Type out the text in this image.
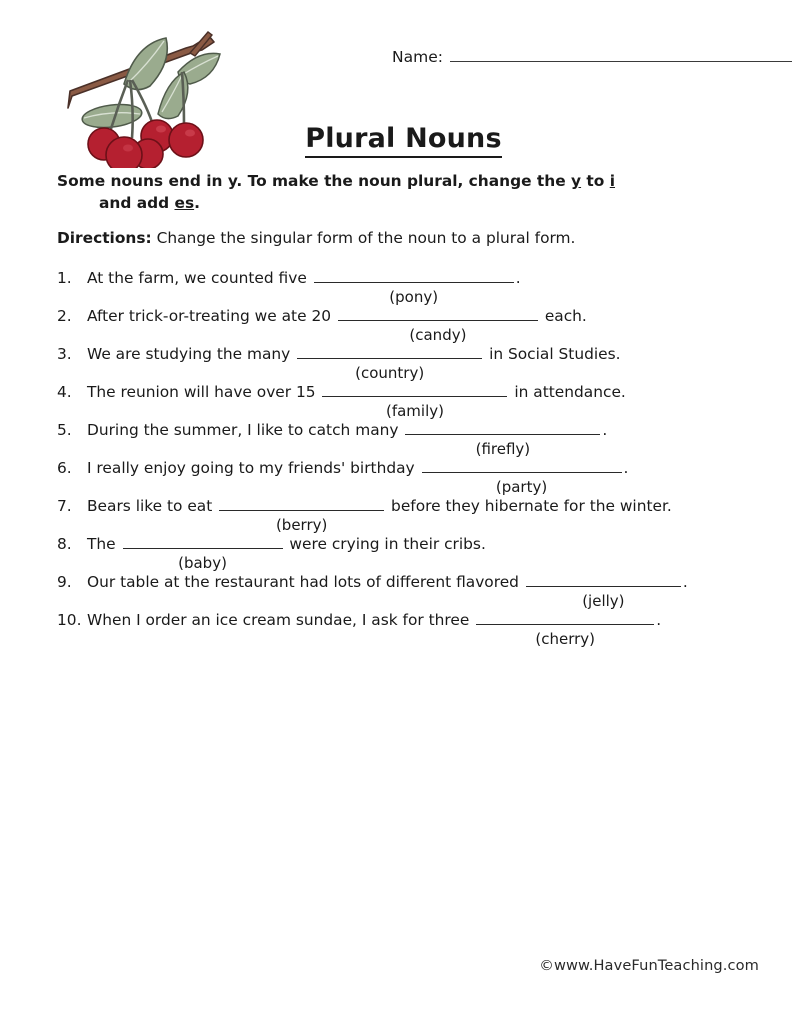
Name:
Plural Nouns
Some nouns end in y. To make the noun plural, change the y to i
and add es.
Directions: Change the singular form of the noun to a plural form.
1. At the farm, we counted five
(pony)
.
2. After trick-or-treating we ate 20
(candy)
each.
3. We are studying the many
(country)
in Social Studies.
4. The reunion will have over 15
(family)
in attendance.
5. During the summer, I like to catch many
(firefly)
.
6. I really enjoy going to my friends' birthday
(party)
.
7. Bears like to eat
(berry)
before they hibernate for the winter.
8. The
(baby)
were crying in their cribs.
9. Our table at the restaurant had lots of different flavored
(jelly)
.
10. When I order an ice cream sundae, I ask for three
(cherry)
.
©www.HaveFunTeaching.com
